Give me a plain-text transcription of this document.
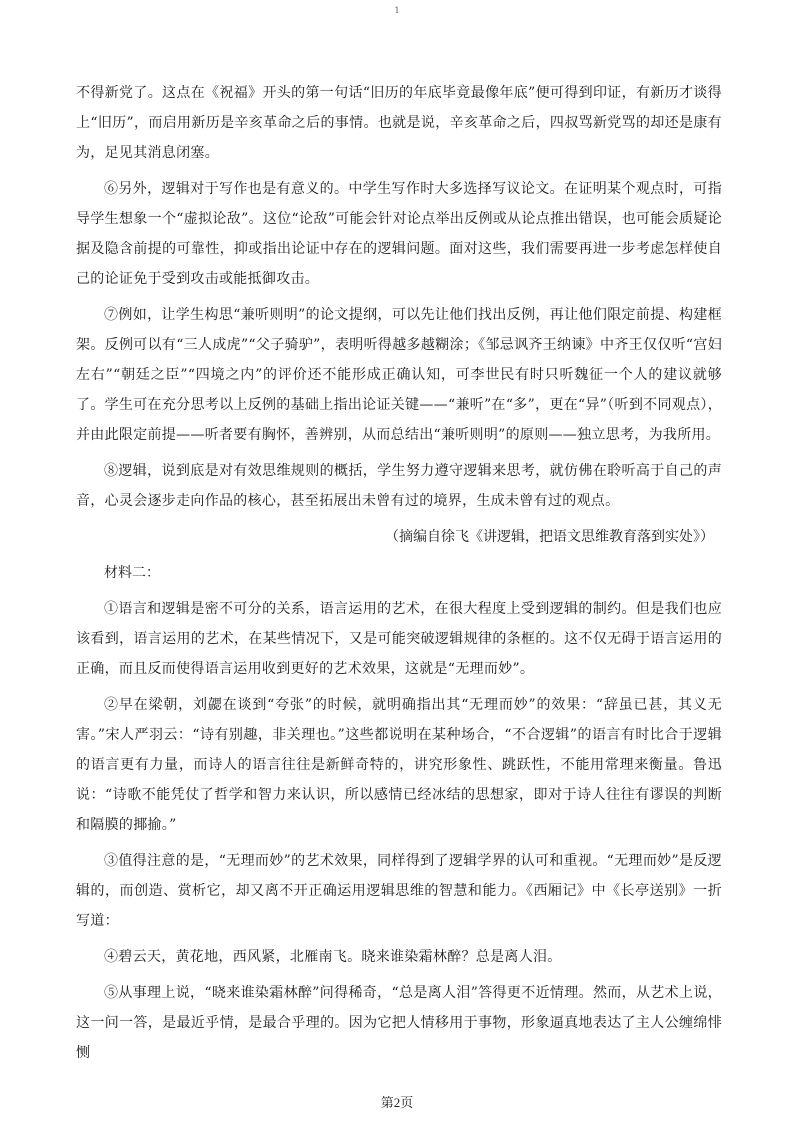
1

不得新党了。这点在《祝福》开头的第一句话“旧历的年底毕竟最像年底”便可得到印证，有新历才谈得上“旧历”，而启用新历是辛亥革命之后的事情。也就是说，辛亥革命之后，四叔骂新党骂的却还是康有为，足见其消息闭塞。

⑥另外，逻辑对于写作也是有意义的。中学生写作时大多选择写议论文。在证明某个观点时，可指导学生想象一个“虚拟论敌”。这位“论敌”可能会针对论点举出反例或从论点推出错误，也可能会质疑论据及隐含前提的可靠性，抑或指出论证中存在的逻辑问题。面对这些，我们需要再进一步考虑怎样使自己的论证免于受到攻击或能抵御攻击。

⑦例如，让学生构思“兼听则明”的论文提纲，可以先让他们找出反例，再让他们限定前提、构建框架。反例可以有“三人成虎”“父子骑驴”，表明听得越多越糊涂；《邹忌讽齐王纳谏》中齐王仅仅听“宫妇左右”“朝廷之臣”“四境之内”的评价还不能形成正确认知，可李世民有时只听魏征一个人的建议就够了。学生可在充分思考以上反例的基础上指出论证关键——“兼听”在“多”，更在“异”（听到不同观点），并由此限定前提——听者要有胸怀，善辨别，从而总结出“兼听则明”的原则——独立思考，为我所用。

⑧逻辑，说到底是对有效思维规则的概括，学生努力遵守逻辑来思考，就仿佛在聆听高于自己的声音，心灵会逐步走向作品的核心，甚至拓展出未曾有过的境界，生成未曾有过的观点。

（摘编自徐飞《讲逻辑，把语文思维教育落到实处》）

材料二：

①语言和逻辑是密不可分的关系，语言运用的艺术，在很大程度上受到逻辑的制约。但是我们也应该看到，语言运用的艺术，在某些情况下，又是可能突破逻辑规律的条框的。这不仅无碍于语言运用的正确，而且反而使得语言运用收到更好的艺术效果，这就是“无理而妙”。

②早在梁朝，刘勰在谈到“夸张”的时候，就明确指出其“无理而妙”的效果：“辞虽已甚，其义无害。”宋人严羽云：“诗有别趣，非关理也。”这些都说明在某种场合，“不合逻辑”的语言有时比合于逻辑的语言更有力量，而诗人的语言往往是新鲜奇特的，讲究形象性、跳跃性，不能用常理来衡量。鲁迅说：“诗歌不能凭仗了哲学和智力来认识，所以感情已经冰结的思想家，即对于诗人往往有谬误的判断和隔膜的揶揄。”

③值得注意的是，“无理而妙”的艺术效果，同样得到了逻辑学界的认可和重视。“无理而妙”是反逻辑的，而创造、赏析它，却又离不开正确运用逻辑思维的智慧和能力。《西厢记》中《长亭送别》一折写道：

④碧云天，黄花地，西风紧，北雁南飞。晓来谁染霜林醉？总是离人泪。

⑤从事理上说，“晓来谁染霜林醉”问得稀奇，“总是离人泪”答得更不近情理。然而，从艺术上说，这一问一答，是最近乎情，是最合乎理的。因为它把人情移用于事物，形象逼真地表达了主人公缠绵悱恻

第2页
